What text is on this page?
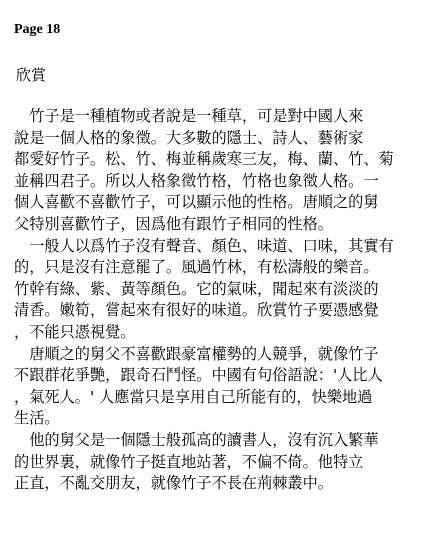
Page 18
欣賞
　竹子是一種植物或者說是一種草，可是對中國人來
說是一個人格的象徵。大多數的隱士、詩人、藝術家
都愛好竹子。松、竹、梅並稱歲寒三友，梅、蘭、竹、菊
並稱四君子。所以人格象徵竹格，竹格也象徵人格。一
個人喜歡不喜歡竹子，可以顯示他的性格。唐順之的舅
父特別喜歡竹子，因爲他有跟竹子相同的性格。
　一般人以爲竹子沒有聲音、顏色、味道、口味，其實有
的，只是沒有注意罷了。風過竹林，有松濤般的樂音。
竹幹有綠、紫、黃等顏色。它的氣味，聞起來有淡淡的
清香。嫩筍，嘗起來有很好的味道。欣賞竹子要憑感覺
，不能只憑視覺。
　唐順之的舅父不喜歡跟豪富權勢的人競爭，就像竹子
不跟群花爭艷，跟奇石鬥怪。中國有句俗語說：'人比人
，氣死人。' 人應當只是享用自己所能有的，快樂地過
生活。
　他的舅父是一個隱士般孤高的讀書人，沒有沉入繁華
的世界裏，就像竹子挺直地站著，不偏不倚。他特立
正直，不亂交朋友，就像竹子不長在荊棘叢中。
